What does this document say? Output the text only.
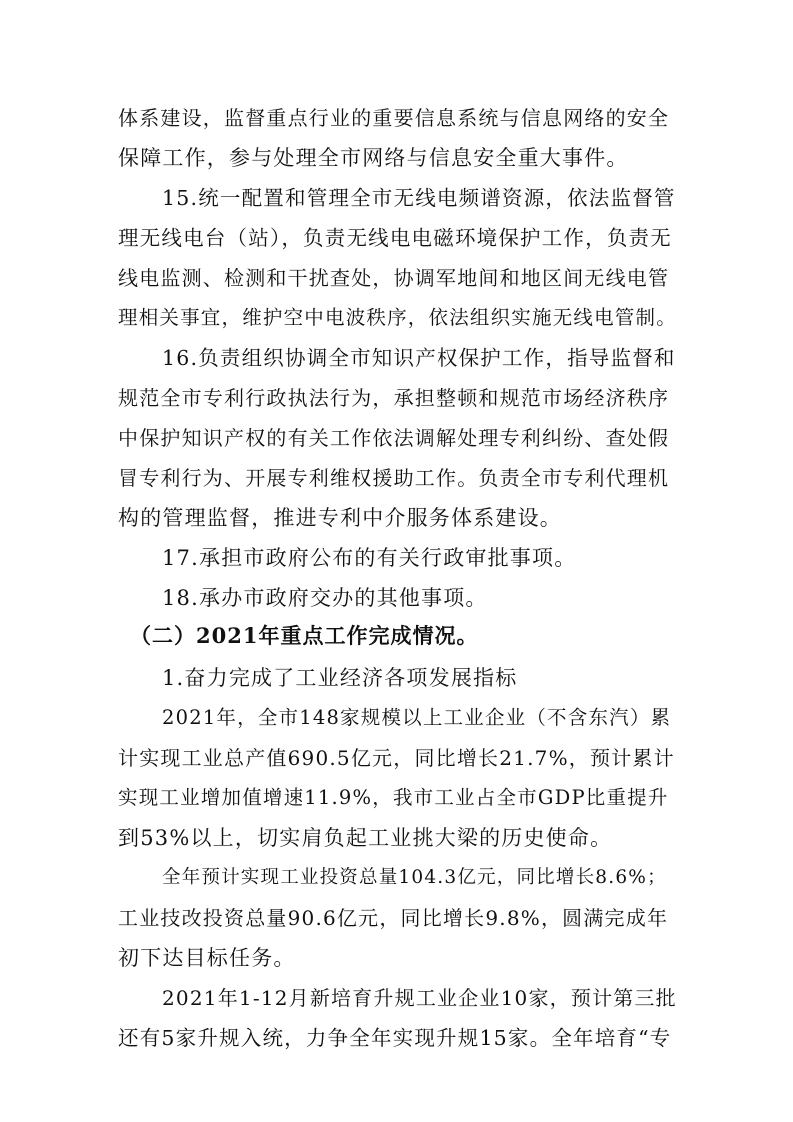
体系建设，监督重点行业的重要信息系统与信息网络的安全
保障工作，参与处理全市网络与信息安全重大事件。
15.统一配置和管理全市无线电频谱资源，依法监督管
理无线电台（站），负责无线电电磁环境保护工作，负责无
线电监测、检测和干扰查处，协调军地间和地区间无线电管
理相关事宜，维护空中电波秩序，依法组织实施无线电管制。
16.负责组织协调全市知识产权保护工作，指导监督和
规范全市专利行政执法行为，承担整顿和规范市场经济秩序
中保护知识产权的有关工作依法调解处理专利纠纷、查处假
冒专利行为、开展专利维权援助工作。负责全市专利代理机
构的管理监督，推进专利中介服务体系建设。
17.承担市政府公布的有关行政审批事项。
18.承办市政府交办的其他事项。
（二）2021年重点工作完成情况。
1.奋力完成了工业经济各项发展指标
2021年，全市148家规模以上工业企业（不含东汽）累
计实现工业总产值690.5亿元，同比增长21.7%，预计累计
实现工业增加值增速11.9%，我市工业占全市GDP比重提升
到53%以上，切实肩负起工业挑大梁的历史使命。
全年预计实现工业投资总量104.3亿元，同比增长8.6%；
工业技改投资总量90.6亿元，同比增长9.8%，圆满完成年
初下达目标任务。
2021年1-12月新培育升规工业企业10家，预计第三批
还有5家升规入统，力争全年实现升规15家。全年培育“专
